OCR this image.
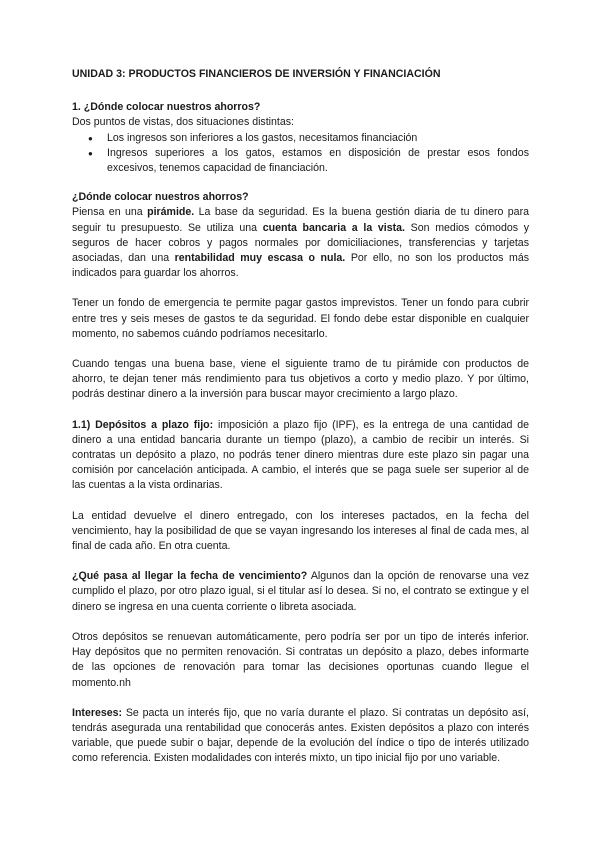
UNIDAD 3: PRODUCTOS FINANCIEROS DE INVERSIÓN Y FINANCIACIÓN

1. ¿Dónde colocar nuestros ahorros?

Dos puntos de vistas, dos situaciones distintas:

● Los ingresos son inferiores a los gastos, necesitamos financiación
● Ingresos superiores a los gatos, estamos en disposición de prestar esos fondos excesivos, tenemos capacidad de financiación.

¿Dónde colocar nuestros ahorros?

Piensa en una pirámide. La base da seguridad. Es la buena gestión diaria de tu dinero para seguir tu presupuesto. Se utiliza una cuenta bancaria a la vista. Son medios cómodos y seguros de hacer cobros y pagos normales por domiciliaciones, transferencias y tarjetas asociadas, dan una rentabilidad muy escasa o nula. Por ello, no son los productos más indicados para guardar los ahorros.

Tener un fondo de emergencia te permite pagar gastos imprevistos. Tener un fondo para cubrir entre tres y seis meses de gastos te da seguridad. El fondo debe estar disponible en cualquier momento, no sabemos cuándo podríamos necesitarlo.

Cuando tengas una buena base, viene el siguiente tramo de tu pirámide con productos de ahorro, te dejan tener más rendimiento para tus objetivos a corto y medio plazo. Y por último, podrás destinar dinero a la inversión para buscar mayor crecimiento a largo plazo.

1.1) Depósitos a plazo fijo: imposición a plazo fijo (IPF), es la entrega de una cantidad de dinero a una entidad bancaria durante un tiempo (plazo), a cambio de recibir un interés. Si contratas un depósito a plazo, no podrás tener dinero mientras dure este plazo sin pagar una comisión por cancelación anticipada. A cambio, el interés que se paga suele ser superior al de las cuentas a la vista ordinarias.

La entidad devuelve el dinero entregado, con los intereses pactados, en la fecha del vencimiento, hay la posibilidad de que se vayan ingresando los intereses al final de cada mes, al final de cada año. En otra cuenta.

¿Qué pasa al llegar la fecha de vencimiento? Algunos dan la opción de renovarse una vez cumplido el plazo, por otro plazo igual, si el titular así lo desea. Si no, el contrato se extingue y el dinero se ingresa en una cuenta corriente o libreta asociada.

Otros depósitos se renuevan automáticamente, pero podría ser por un tipo de interés inferior. Hay depósitos que no permiten renovación. Si contratas un depósito a plazo, debes informarte de las opciones de renovación para tomar las decisiones oportunas cuando llegue el momento.nh

Intereses: Se pacta un interés fijo, que no varía durante el plazo. Si contratas un depósito así, tendrás asegurada una rentabilidad que conocerás antes. Existen depósitos a plazo con interés variable, que puede subir o bajar, depende de la evolución del índice o tipo de interés utilizado como referencia. Existen modalidades con interés mixto, un tipo inicial fijo por uno variable.
